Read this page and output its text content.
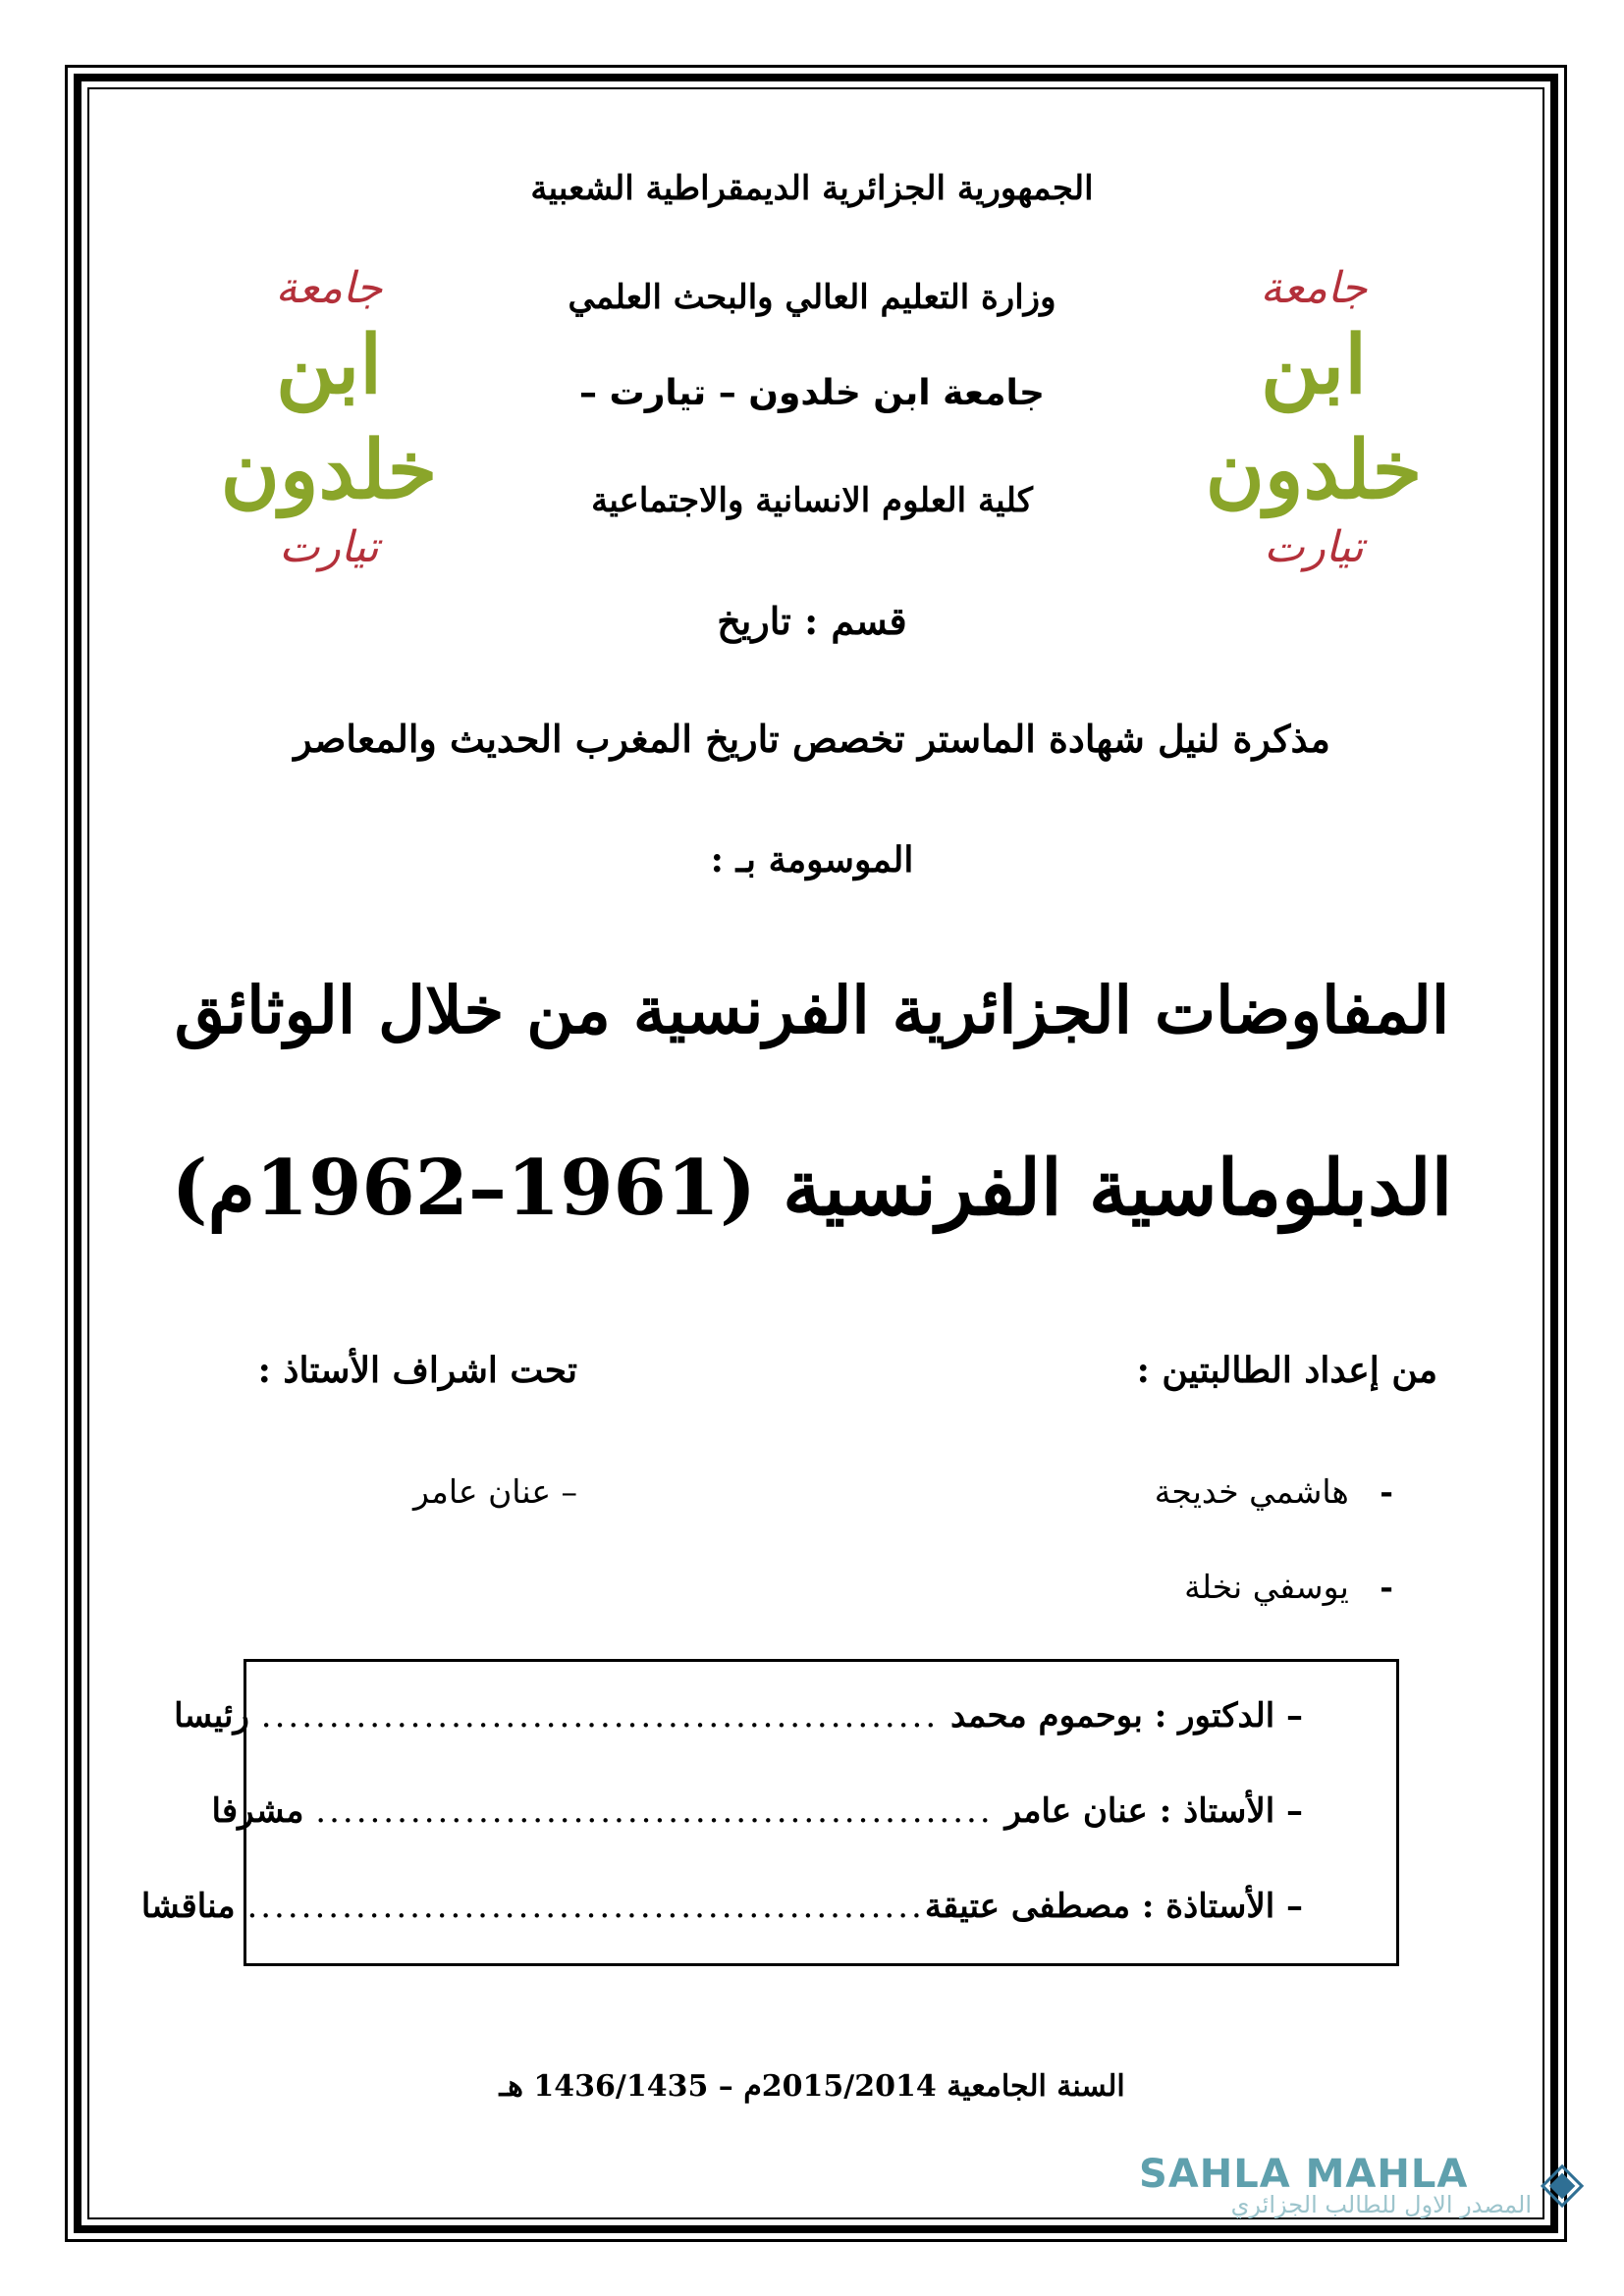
الجمهورية الجزائرية الديمقراطية الشعبية
وزارة التعليم العالي والبحث العلمي
جامعة ابن خلدون – تيارت –
كلية العلوم الانسانية والاجتماعية
جامعة
ابن خلدون
تيارت
جامعة
ابن خلدون
تيارت
قسم : تاريخ
مذكرة لنيل شهادة الماستر تخصص تاريخ المغرب الحديث والمعاصر
الموسومة بـ :
المفاوضات الجزائرية الفرنسية من خلال الوثائق
الدبلوماسية الفرنسية (1961–1962م)
من إعداد الطالبتين :
تحت اشراف الأستاذ :
-   هاشمي خديجة
-   يوسفي نخلة
– عنان عامر
– الدكتور :

بوحموم محمد

..................................................

رئيسا
– الأستاذ :

عنان عامر

..................................................

مشرفا
– الأستاذة :

مصطفى عتيقة
..................................................

مناقشا
السنة الجامعية 2015/2014م – 1436/1435 هـ
SAHLA MAHLA
المصدر الاول للطالب الجزائري ◈
